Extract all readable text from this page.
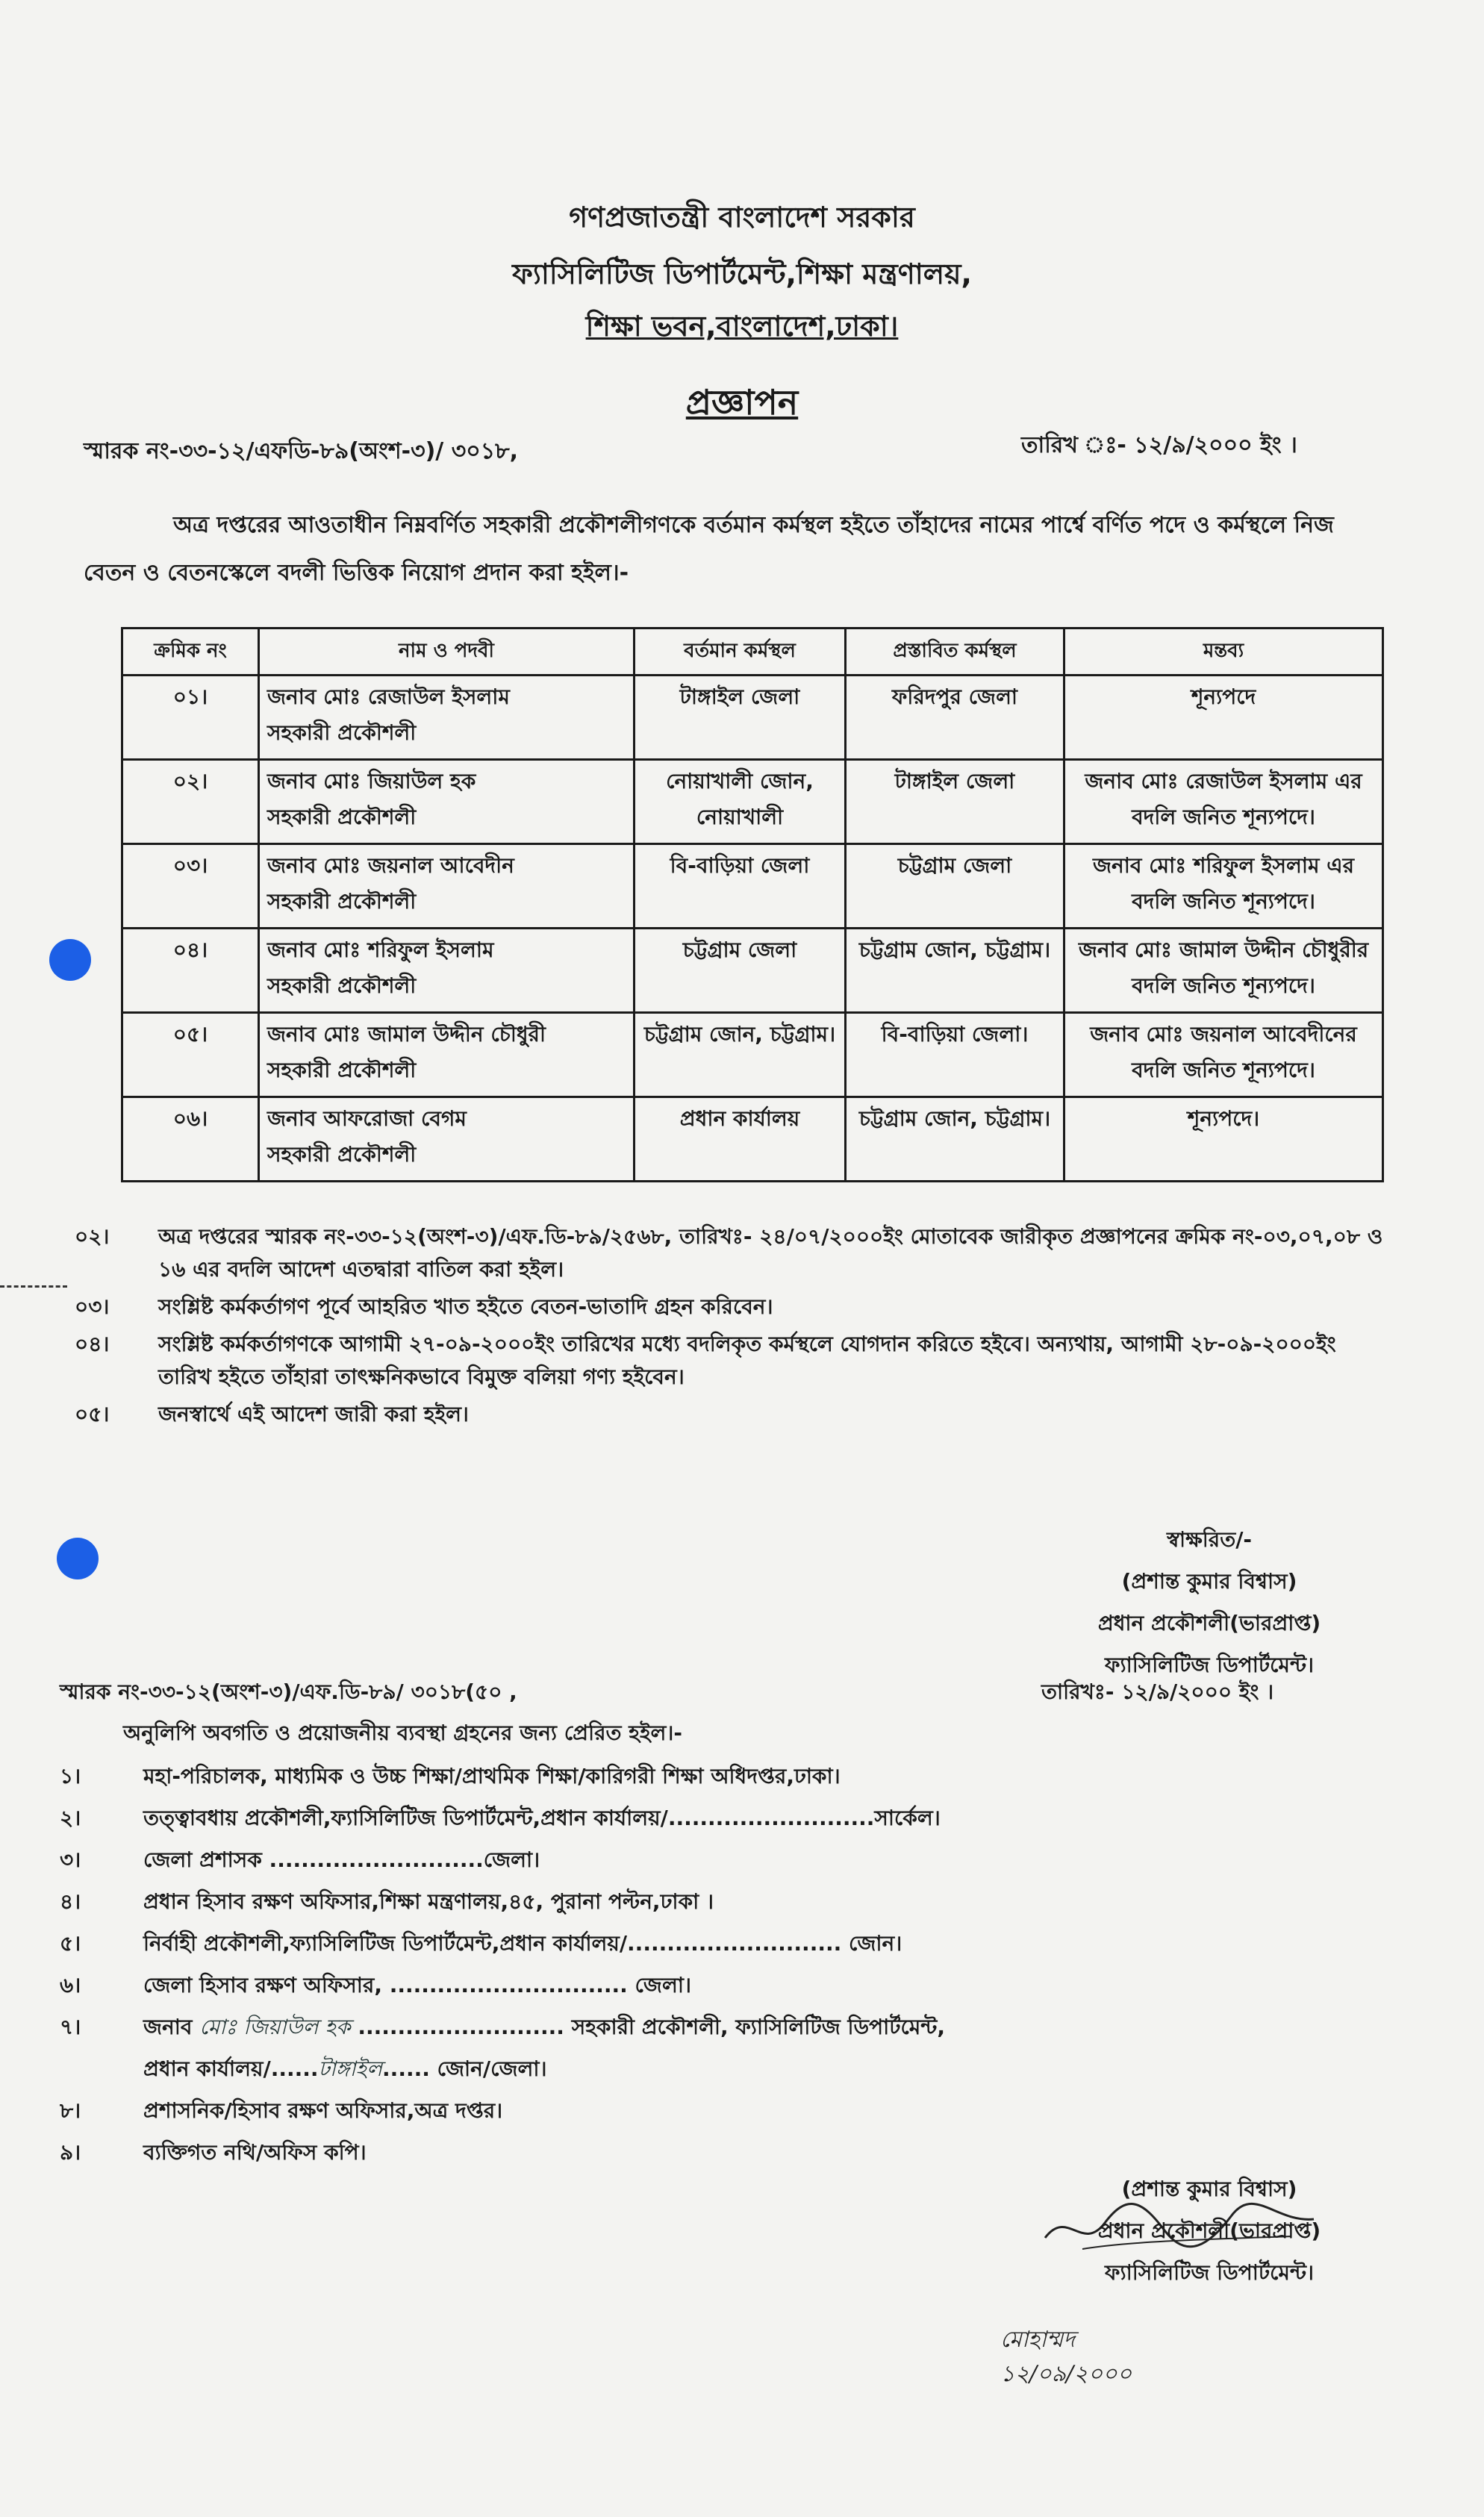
গণপ্রজাতন্ত্রী বাংলাদেশ সরকার
ফ্যাসিলিটিজ ডিপার্টমেন্ট,শিক্ষা মন্ত্রণালয়,
শিক্ষা ভবন,বাংলাদেশ,ঢাকা।
প্রজ্ঞাপন
স্মারক নং-৩৩-১২/এফডি-৮৯(অংশ-৩)/ ৩০১৮,	তারিখ ঃ- ১২/৯/২০০০ ইং ।
অত্র দপ্তরের আওতাধীন নিম্নবর্ণিত সহকারী প্রকৌশলীগণকে বর্তমান কর্মস্থল হইতে তাঁহাদের নামের পার্শ্বে বর্ণিত পদে ও কর্মস্থলে নিজ বেতন ও বেতনস্কেলে বদলী ভিত্তিক নিয়োগ প্রদান করা হইল।-
ক্রমিক নং	নাম ও পদবী	বর্তমান কর্মস্থল	প্রস্তাবিত কর্মস্থল	মন্তব্য
০১।	জনাব মোঃ রেজাউল ইসলাম
সহকারী প্রকৌশলী	টাঙ্গাইল জেলা	ফরিদপুর জেলা	শূন্যপদে
০২।	জনাব মোঃ জিয়াউল হক
সহকারী প্রকৌশলী	নোয়াখালী জোন, নোয়াখালী	টাঙ্গাইল জেলা	জনাব মোঃ রেজাউল ইসলাম এর বদলি জনিত শূন্যপদে।
০৩।	জনাব মোঃ জয়নাল আবেদীন
সহকারী প্রকৌশলী	বি-বাড়িয়া জেলা	চট্টগ্রাম জেলা	জনাব মোঃ শরিফুল ইসলাম এর বদলি জনিত শূন্যপদে।
০৪।	জনাব মোঃ শরিফুল ইসলাম
সহকারী প্রকৌশলী	চট্টগ্রাম জেলা	চট্টগ্রাম জোন, চট্টগ্রাম।	জনাব মোঃ জামাল উদ্দীন চৌধুরীর বদলি জনিত শূন্যপদে।
০৫।	জনাব মোঃ জামাল উদ্দীন চৌধুরী
সহকারী প্রকৌশলী	চট্টগ্রাম জোন, চট্টগ্রাম।	বি-বাড়িয়া জেলা।	জনাব মোঃ জয়নাল আবেদীনের বদলি জনিত শূন্যপদে।
০৬।	জনাব আফরোজা বেগম
সহকারী প্রকৌশলী	প্রধান কার্যালয়	চট্টগ্রাম জোন, চট্টগ্রাম।	শূন্যপদে।
০২।	অত্র দপ্তরের স্মারক নং-৩৩-১২(অংশ-৩)/এফ.ডি-৮৯/২৫৬৮, তারিখঃ- ২৪/০৭/২০০০ইং মোতাবেক জারীকৃত প্রজ্ঞাপনের ক্রমিক নং-০৩,০৭,০৮ ও ১৬ এর বদলি আদেশ এতদ্বারা বাতিল করা হইল।
০৩।	সংশ্লিষ্ট কর্মকর্তাগণ পূর্বে আহরিত খাত হইতে বেতন-ভাতাদি গ্রহন করিবেন।
০৪।	সংশ্লিষ্ট কর্মকর্তাগণকে আগামী ২৭-০৯-২০০০ইং তারিখের মধ্যে বদলিকৃত কর্মস্থলে যোগদান করিতে হইবে। অন্যথায়, আগামী ২৮-০৯-২০০০ইং তারিখ হইতে তাঁহারা তাৎক্ষনিকভাবে বিমুক্ত বলিয়া গণ্য হইবেন।
০৫।	জনস্বার্থে এই আদেশ জারী করা হইল।
স্বাক্ষরিত/-
(প্রশান্ত কুমার বিশ্বাস)
প্রধান প্রকৌশলী(ভারপ্রাপ্ত)
ফ্যাসিলিটিজ ডিপার্টমেন্ট।
স্মারক নং-৩৩-১২(অংশ-৩)/এফ.ডি-৮৯/ ৩০১৮(৫০ ,	তারিখঃ- ১২/৯/২০০০ ইং ।
অনুলিপি অবগতি ও প্রয়োজনীয় ব্যবস্থা গ্রহনের জন্য প্রেরিত হইল।-
১।	মহা-পরিচালক, মাধ্যমিক ও উচ্চ শিক্ষা/প্রাথমিক শিক্ষা/কারিগরী শিক্ষা অধিদপ্তর,ঢাকা।
২।	তত্ত্বাবধায় প্রকৌশলী,ফ্যাসিলিটিজ ডিপার্টমেন্ট,প্রধান কার্যালয়/..........................সার্কেল।
৩।	জেলা প্রশাসক ...........................জেলা।
৪।	প্রধান হিসাব রক্ষণ অফিসার,শিক্ষা মন্ত্রণালয়,৪৫, পুরানা পল্টন,ঢাকা ।
৫।	নির্বাহী প্রকৌশলী,ফ্যাসিলিটিজ ডিপার্টমেন্ট,প্রধান কার্যালয়/........................... জোন।
৬।	জেলা হিসাব রক্ষণ অফিসার, .............................. জেলা।
৭।	জনাব মোঃ জিয়াউল হক .......................... সহকারী প্রকৌশলী, ফ্যাসিলিটিজ ডিপার্টমেন্ট,
প্রধান কার্যালয়/......টাঙ্গাইল...... জোন/জেলা।
৮।	প্রশাসনিক/হিসাব রক্ষণ অফিসার,অত্র দপ্তর।
৯।	ব্যক্তিগত নথি/অফিস কপি।
(প্রশান্ত কুমার বিশ্বাস)
প্রধান প্রকৌশলী(ভারপ্রাপ্ত)
ফ্যাসিলিটিজ ডিপার্টমেন্ট।
মোহাম্মদ
১২/০৯/২০০০
